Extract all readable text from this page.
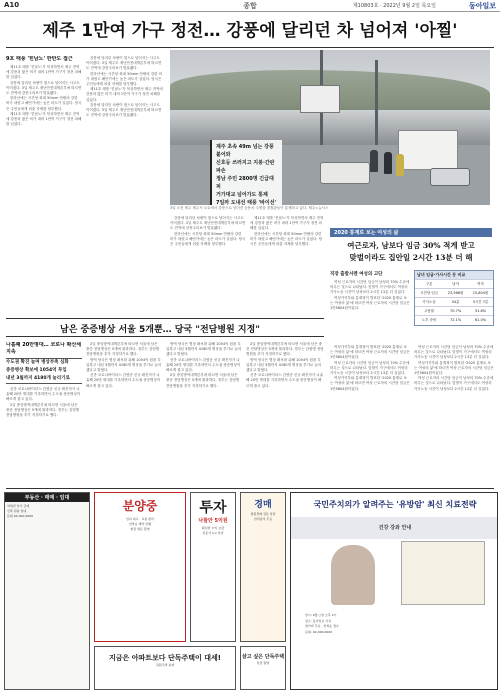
A10	종합	제10803호 · 2022년 9월 2일 목요일	동아일보
제주 1만여 가구 정전… 강풍에 달리던 차 넘어져 '아찔'
9호 태풍 '힌남노' 한반도 접근

제11호 태풍 '힌남노'가 북상하면서 제주 전역에 강풍과 많은 비가 내려 1만여 가구가 정전 피해를 입었다.

강풍에 달리던 차량이 옆으로 넘어지는 사고도 이어졌다. 3일 제주도 재난안전대책본부에 따르면 도 전역에 강풍주의보가 발효됐다.

한라산에는 시간당 최대 50mm 안팎의 강한 비가 내렸고 해안가에는 높은 파도가 일었다. 당국은 주민들에게 외출 자제를 당부했다.

제11호 태풍 '힌남노'가 북상하면서 제주 전역에 강풍과 많은 비가 내려 1만여 가구가 정전 피해를 입었다.

강풍에 달리던 차량이 옆으로 넘어지는 사고도 이어졌다. 3일 제주도 재난안전대책본부에 따르면 도 전역에 강풍주의보가 발효됐다.

한라산에는 시간당 최대 50mm 안팎의 강한 비가 내렸고 해안가에는 높은 파도가 일었다. 당국은 주민들에게 외출 자제를 당부했다.

제11호 태풍 '힌남노'가 북상하면서 제주 전역에 강풍과 많은 비가 내려 1만여 가구가 정전 피해를 입었다.

강풍에 달리던 차량이 옆으로 넘어지는 사고도 이어졌다. 3일 제주도 재난안전대책본부에 따르면 도 전역에 강풍주의보가 발효됐다.

제주 초속 49m 넘는 강풍 불어와
신호등 쓰러지고 지붕·간판 파손
정남 주민 2800명 긴급대피
거가대교 넘어가도 통제
7일까 도내선 태풍 '바이선'
3일 오전 제주 제주시 도로에서 강풍으로 넘어진 승용차 주변을 경찰관들이 통제하고 있다. 제주=뉴시스

강풍에 달리던 차량이 옆으로 넘어지는 사고도 이어졌다. 3일 제주도 재난안전대책본부에 따르면 도 전역에 강풍주의보가 발효됐다.

한라산에는 시간당 최대 50mm 안팎의 강한 비가 내렸고 해안가에는 높은 파도가 일었다. 당국은 주민들에게 외출 자제를 당부했다.

제11호 태풍 '힌남노'가 북상하면서 제주 전역에 강풍과 많은 비가 내려 1만여 가구가 정전 피해를 입었다.

한라산에는 시간당 최대 50mm 안팎의 강한 비가 내렸고 해안가에는 높은 파도가 일었다. 당국은 주민들에게 외출 자제를 당부했다.

2020 통계로 보는 여성의 삶
여근로자, 남보다 임금 30% 적게 받고
맞벌이라도 집안일 2시간 13분 더 해
직장 출발서렌 여성의 고단

여성 근로자의 시간당 임금이 남성의 70% 수준에 머무는 것으로 나타났다. 맞벌이 가구에서도 여성의 가사노동 시간이 남성보다 2시간 13분 더 길었다.

여성가족부와 통계청이 발표한 '2020 통계로 보는 여성의 삶'에 따르면 여성 근로자의 시간당 임금은 1만5804원이었다.

남녀 임금·가사시간 등 비교
구분	남자	여자
시간당 임금	23,566원	15,804원
가사노동	54분	3시간 7분
고용률	70.7%	51.8%
노후 준비	72.1%	61.0%

여성가족부와 통계청이 발표한 '2020 통계로 보는 여성의 삶'에 따르면 여성 근로자의 시간당 임금은 1만5804원이었다.

여성 근로자의 시간당 임금이 남성의 70% 수준에 머무는 것으로 나타났다. 맞벌이 가구에서도 여성의 가사노동 시간이 남성보다 2시간 13분 더 길었다.

여성가족부와 통계청이 발표한 '2020 통계로 보는 여성의 삶'에 따르면 여성 근로자의 시간당 임금은 1만5804원이었다.

여성 근로자의 시간당 임금이 남성의 70% 수준에 머무는 것으로 나타났다. 맞벌이 가구에서도 여성의 가사노동 시간이 남성보다 2시간 13분 더 길었다.

여성가족부와 통계청이 발표한 '2020 통계로 보는 여성의 삶'에 따르면 여성 근로자의 시간당 임금은 1만5804원이었다.

여성 근로자의 시간당 임금이 남성의 70% 수준에 머무는 것으로 나타났다. 맞벌이 가구에서도 여성의 가사노동 시간이 남성보다 2시간 13분 더 길었다.

남은 중증병상 서울 5개뿐… 당국 "전담병원 지정"
나흘째 20만명대… 코로나 확산세 지속
수도권 확진 늘며 병상부족 심화
중증병상 확보에 1054억 투입
내년 3월까지 4180개 늘리기로

신종 코로나바이러스 감염증 신규 확진자가 나흘째 20만 명대를 기록하면서 수도권 중증병상이 빠르게 줄고 있다.

2일 중앙방역대책본부에 따르면 서울에 남은 중증 전담병상은 5개에 불과하다. 정부는 감염병 전담병원을 추가 지정하기로 했다.

2일 중앙방역대책본부에 따르면 서울에 남은 중증 전담병상은 5개에 불과하다. 정부는 감염병 전담병원을 추가 지정하기로 했다.

방역 당국은 병상 확보를 위해 1054억 원을 투입하고 내년 3월까지 4180개 병상을 추가로 늘리겠다고 밝혔다.

신종 코로나바이러스 감염증 신규 확진자가 나흘째 20만 명대를 기록하면서 수도권 중증병상이 빠르게 줄고 있다.

방역 당국은 병상 확보를 위해 1054억 원을 투입하고 내년 3월까지 4180개 병상을 추가로 늘리겠다고 밝혔다.

신종 코로나바이러스 감염증 신규 확진자가 나흘째 20만 명대를 기록하면서 수도권 중증병상이 빠르게 줄고 있다.

2일 중앙방역대책본부에 따르면 서울에 남은 중증 전담병상은 5개에 불과하다. 정부는 감염병 전담병원을 추가 지정하기로 했다.

2일 중앙방역대책본부에 따르면 서울에 남은 중증 전담병상은 5개에 불과하다. 정부는 감염병 전담병원을 추가 지정하기로 했다.

방역 당국은 병상 확보를 위해 1054억 원을 투입하고 내년 3월까지 4180개 병상을 추가로 늘리겠다고 밝혔다.

신종 코로나바이러스 감염증 신규 확진자가 나흘째 20만 명대를 기록하면서 수도권 중증병상이 빠르게 줄고 있다.

부동산 · 매매 · 임대
역세권 상가 급매
신축 원룸 임대
문의 02-000-0000
분양중
입지 최고 · 교통 편리
선착순 계약 진행
현장 방문 환영
투자
낙찰만 5억원
확실한 수익 보장
전문가 1:1 상담
경매
법원경매 전문 상담
권리분석 무료
지금은 아파트보다 단독주택이 대세!
전원주택 분양
살고 싶은 단독주택
상담 환영
국민주치의가 알려주는 '유방암' 최신 치료전략
건강 강좌 안내
일시: 9월 ○일 오후 2시
장소: 동아일보 사옥
참가비 무료 · 선착순 접수
문의: 02-000-0000
